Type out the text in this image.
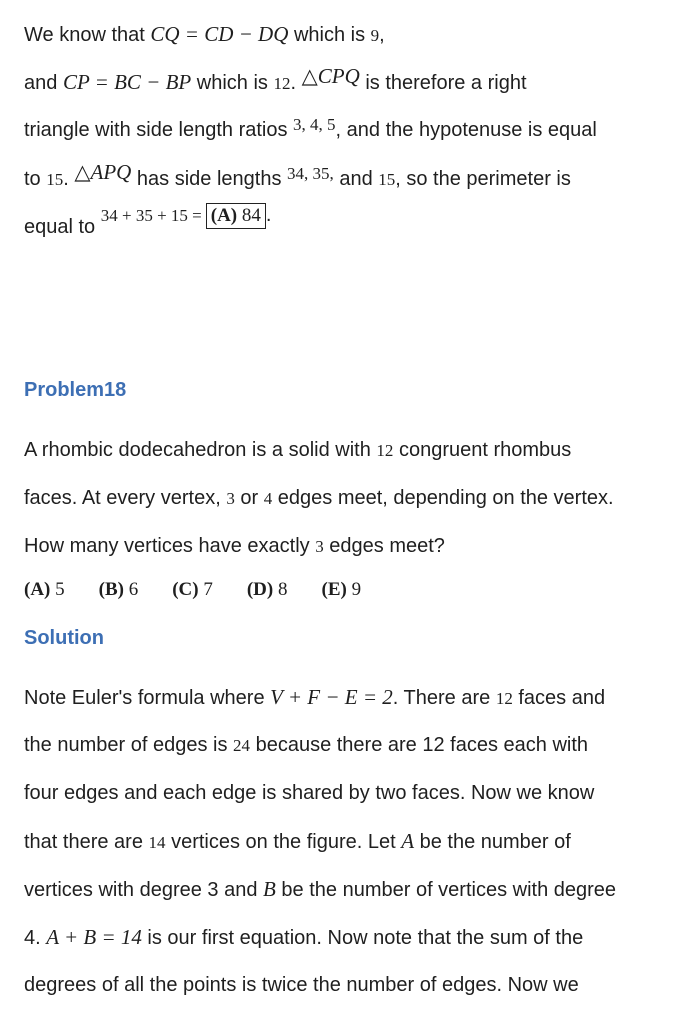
We know that CQ = CD − DQ which is 9,
and CP = BC − BP which is 12. △CPQ is therefore a right
triangle with side length ratios $^{3, 4, 5}$, and the hypotenuse is equal
to 15. △APQ has side lengths $^{34, 35,}$ and 15, so the perimeter is
equal to $^{34 + 35 + 15 =}$ (A) 84 .
Problem18
A rhombic dodecahedron is a solid with 12 congruent rhombus
faces. At every vertex, 3 or 4 edges meet, depending on the vertex.
How many vertices have exactly 3 edges meet?
(A) 5 (B) 6 (C) 7 (D) 8 (E) 9
Solution
Note Euler's formula where V + F − E = 2. There are 12 faces and
the number of edges is 24 because there are 12 faces each with
four edges and each edge is shared by two faces. Now we know
that there are 14 vertices on the figure. Let A be the number of
vertices with degree 3 and B be the number of vertices with degree
4. A + B = 14 is our first equation. Now note that the sum of the
degrees of all the points is twice the number of edges. Now we
